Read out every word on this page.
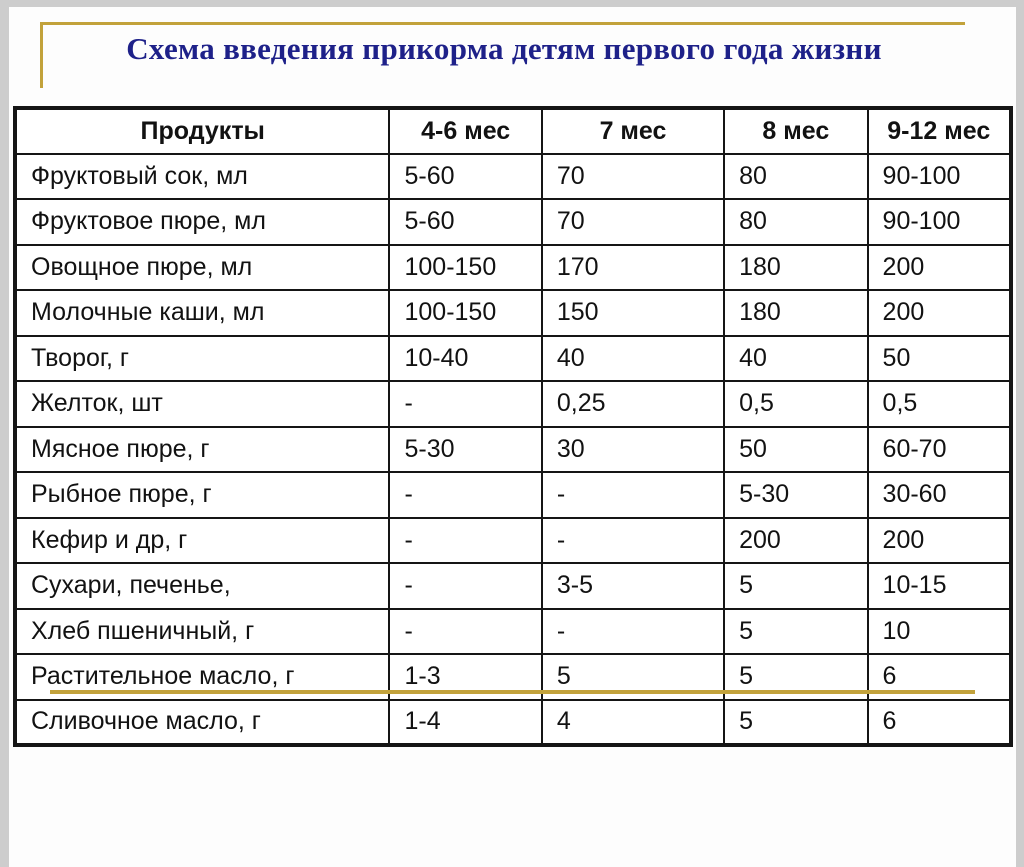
Схема введения прикорма детям первого года жизни
Продукты	4-6 мес	7 мес	8 мес	9-12 мес
Фруктовый сок, мл	5-60	70	80	90-100
Фруктовое пюре, мл	5-60	70	80	90-100
Овощное пюре, мл	100-150	170	180	200
Молочные каши, мл	100-150	150	180	200
Творог, г	10-40	40	40	50
Желток, шт	-	0,25	0,5	0,5
Мясное пюре, г	5-30	30	50	60-70
Рыбное пюре, г	-	-	5-30	30-60
Кефир и др, г	-	-	200	200
Сухари, печенье,	-	3-5	5	10-15
Хлеб пшеничный, г	-	-	5	10
Растительное масло, г	1-3	5	5	6
Сливочное масло, г	1-4	4	5	6
